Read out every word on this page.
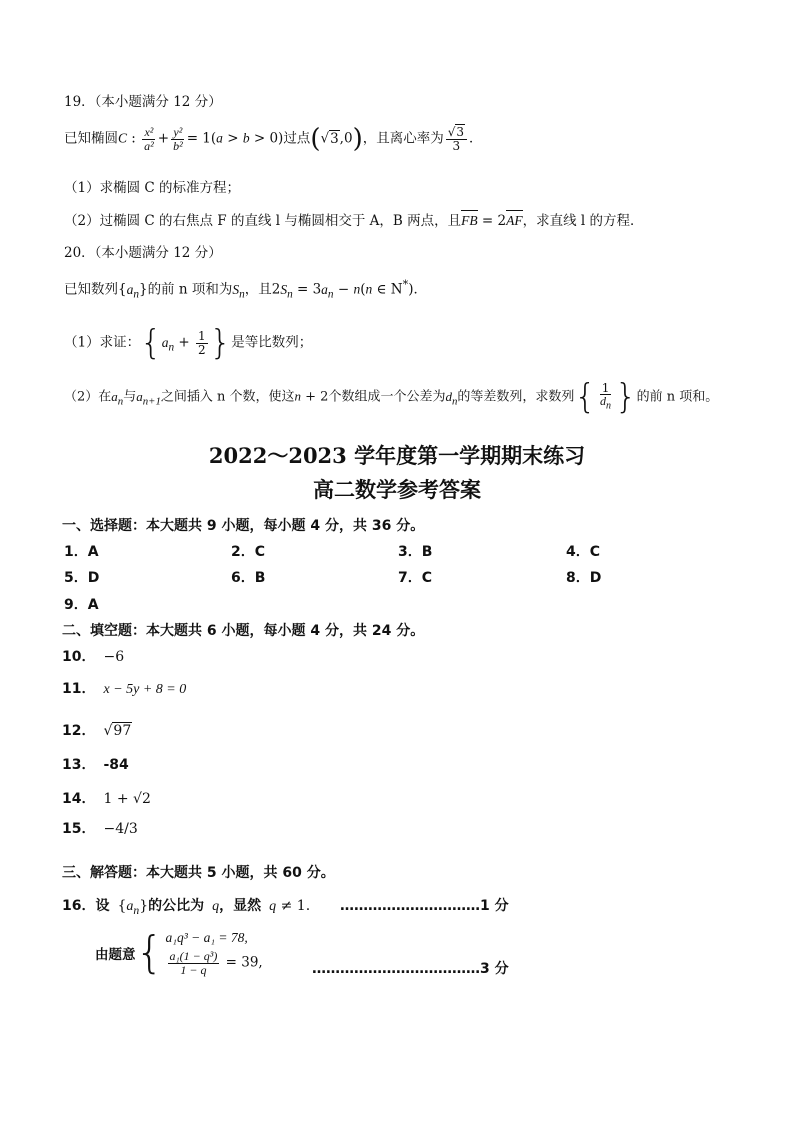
19．（本小题满分 12 分）
已知椭圆C : $\frac{\text{x²}}{\text{a²}} + \frac{\text{y²}}{\text{b²}} = 1(a > b > 0)$过点(√3,0)，且离心率为 $\frac{√3}{3}$ ．
（1）求椭圆 C 的标准方程；
（2）过椭圆 C 的右焦点 F 的直线 l 与椭圆相交于 A，B 两点，且FB = 2AF，求直线 l 的方程．
20．（本小题满分 12 分）
已知数列$\{a_n\}$的前 n 项和为$S_n$，且$2S_n = 3a_n - n(n$ ∈ N*)．
（1）求证：{$a_n + \frac{1}{2}$ }是等比数列；
（2）在$a_n$与$a_{n+1}$之间插入 n 个数，使这n + 2个数组成一个公差为$d_n$的等差数列，求数列{ $\frac{1}{d_n}$ }的前 n 项和。
2022～2023 学年度第一学期期末练习
高二数学参考答案
一、选择题：本大题共 9 小题，每小题 4 分，共 36 分。
1．A	2．C	3．B	4．C
5．D	6．B	7．C	8．D
9．A
二、填空题：本大题共 6 小题，每小题 4 分，共 24 分。
10． −6
11． x − 5y + 8 = 0
12． √97
13． -84
14． 1 + √2
15． −4/3
三、解答题：本大题共 5 小题，共 60 分。
16．设 $\{a_n\}$的公比为 q，显然 q ≠ 1. …………………………1 分
由题意 { a₁q³ − a₁ = 78,
$\frac{\text{a₁(1 − q³)}}{1 - q} = 39$,	………………………………3 分
